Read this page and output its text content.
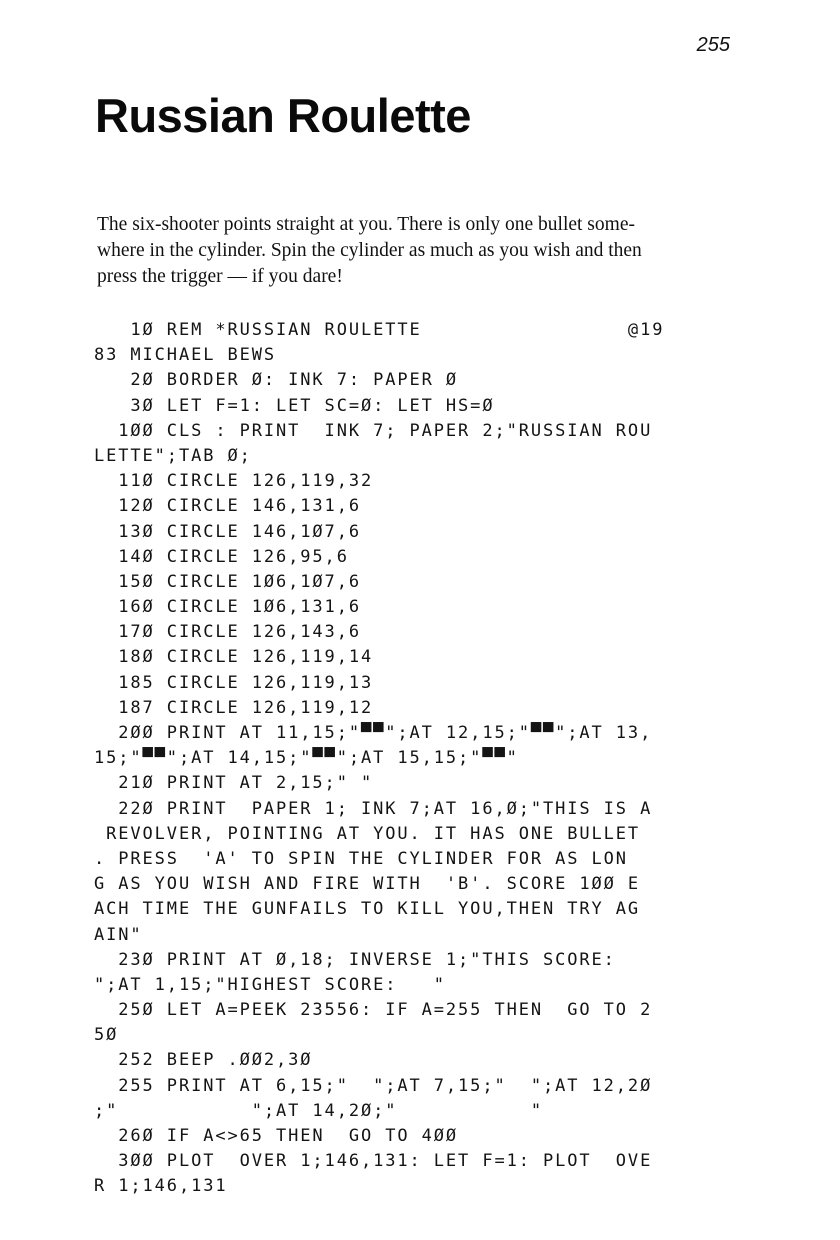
255
Russian Roulette

The six-shooter points straight at you. There is only one bullet some-
where in the cylinder. Spin the cylinder as much as you wish and then
press the trigger — if you dare!

1Ø REM *RUSSIAN ROULETTE                 @19
83 MICHAEL BEWS
2Ø BORDER Ø: INK 7: PAPER Ø
3Ø LET F=1: LET SC=Ø: LET HS=Ø
1ØØ CLS : PRINT  INK 7; PAPER 2;"RUSSIAN ROU
LETTE";TAB Ø;
11Ø CIRCLE 126,119,32
12Ø CIRCLE 146,131,6
13Ø CIRCLE 146,1Ø7,6
14Ø CIRCLE 126,95,6
15Ø CIRCLE 1Ø6,1Ø7,6
16Ø CIRCLE 1Ø6,131,6
17Ø CIRCLE 126,143,6
18Ø CIRCLE 126,119,14
185 CIRCLE 126,119,13
187 CIRCLE 126,119,12
2ØØ PRINT AT 11,15;"▀▀";AT 12,15;"▀▀";AT 13,
15;"▀▀";AT 14,15;"▀▀";AT 15,15;"▀▀"
21Ø PRINT AT 2,15;" "
22Ø PRINT  PAPER 1; INK 7;AT 16,Ø;"THIS IS A
REVOLVER, POINTING AT YOU. IT HAS ONE BULLET
. PRESS  'A' TO SPIN THE CYLINDER FOR AS LON
G AS YOU WISH AND FIRE WITH  'B'. SCORE 1ØØ E
ACH TIME THE GUNFAILS TO KILL YOU,THEN TRY AG
AIN"
23Ø PRINT AT Ø,18; INVERSE 1;"THIS SCORE:
";AT 1,15;"HIGHEST SCORE:   "
25Ø LET A=PEEK 23556: IF A=255 THEN  GO TO 2
5Ø
252 BEEP .ØØ2,3Ø
255 PRINT AT 6,15;"  ";AT 7,15;"  ";AT 12,2Ø
;"           ";AT 14,2Ø;"           "
26Ø IF A<>65 THEN  GO TO 4ØØ
3ØØ PLOT  OVER 1;146,131: LET F=1: PLOT  OVE
R 1;146,131
